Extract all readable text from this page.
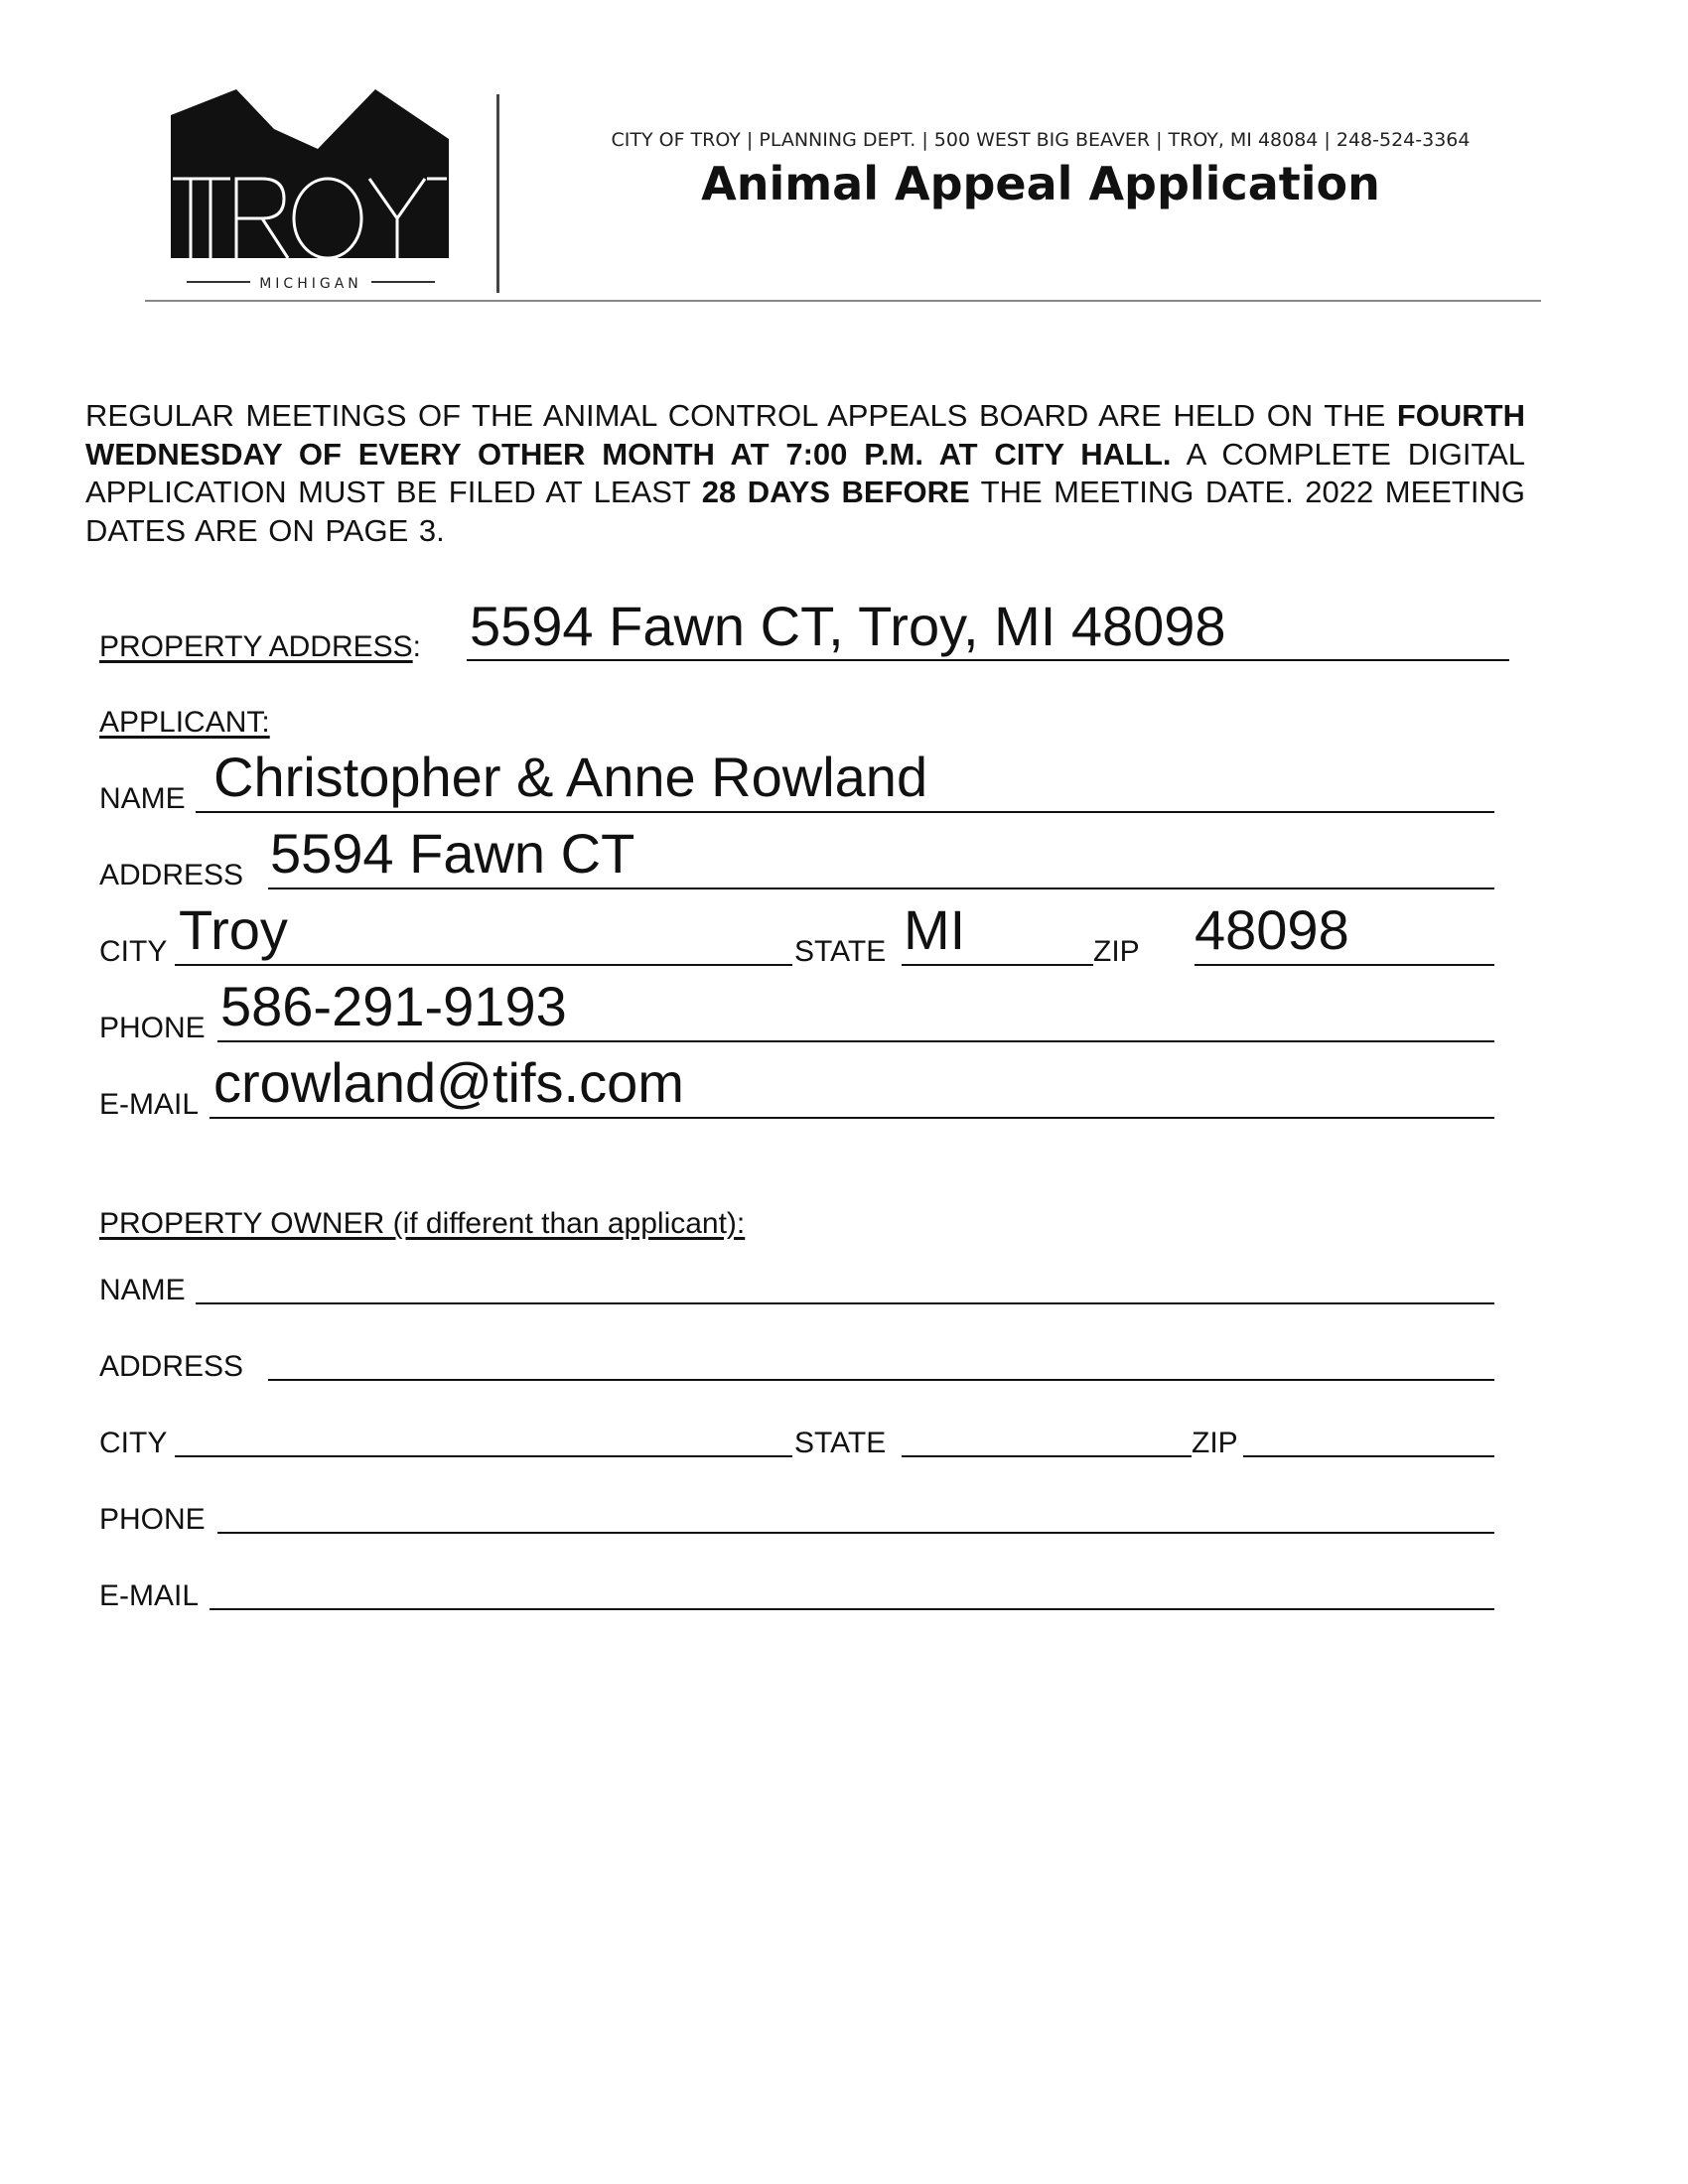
MICHIGAN
CITY OF TROY | PLANNING DEPT. | 500 WEST BIG BEAVER | TROY, MI 48084 | 248-524-3364
Animal Appeal Application

REGULAR MEETINGS OF THE ANIMAL CONTROL APPEALS BOARD ARE HELD ON THE FOURTH WEDNESDAY OF EVERY OTHER MONTH AT 7:00 P.M. AT CITY HALL. A COMPLETE DIGITAL APPLICATION MUST BE FILED AT LEAST 28 DAYS BEFORE THE MEETING DATE. 2022 MEETING DATES ARE ON PAGE 3.

PROPERTY ADDRESS: 5594 Fawn CT, Troy, MI 48098
APPLICANT:
NAME Christopher & Anne Rowland
ADDRESS 5594 Fawn CT
CITY Troy	STATE MI	ZIP 48098
PHONE 586-291-9193
E-MAIL crowland@tifs.com
PROPERTY OWNER (if different than applicant):
NAME
ADDRESS
CITY	STATE	ZIP
PHONE
E-MAIL
